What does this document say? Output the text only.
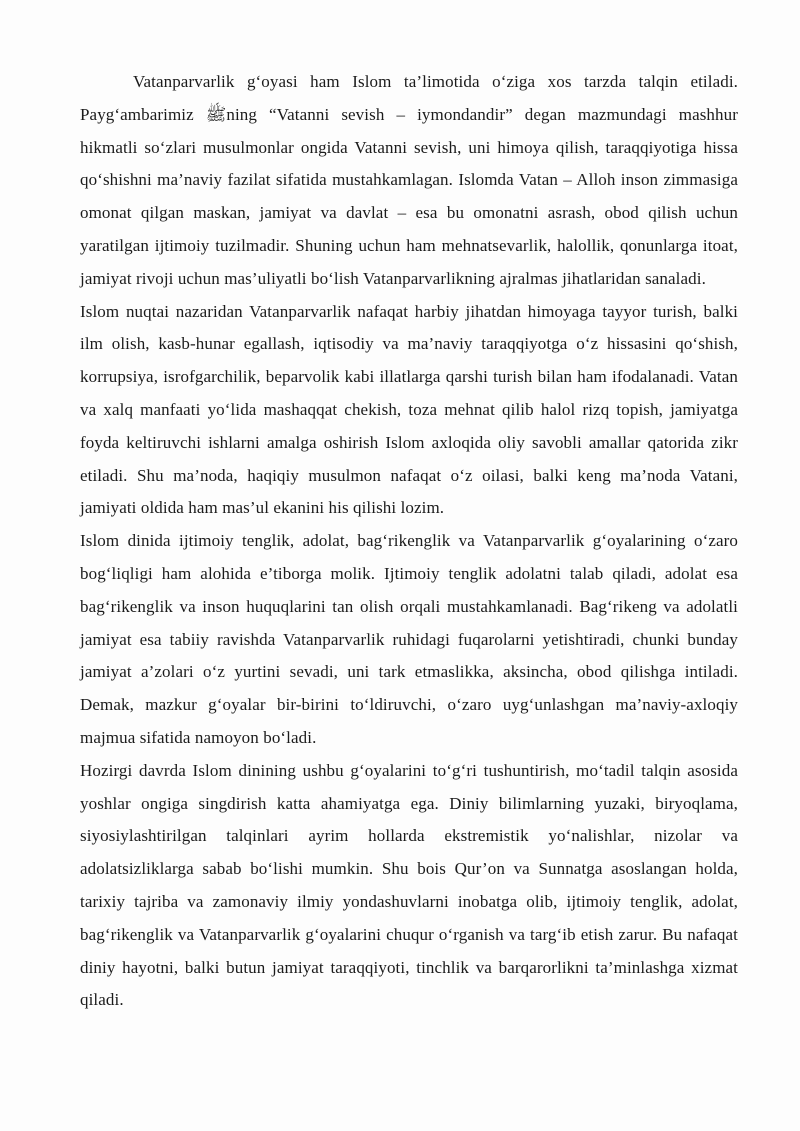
Vatanparvarlik g‘oyasi ham Islom ta’limotida o‘ziga xos tarzda talqin etiladi. Payg‘ambarimiz ﷺning “Vatanni sevish – iymondandir” degan mazmundagi mashhur hikmatli so‘zlari musulmonlar ongida Vatanni sevish, uni himoya qilish, taraqqiyotiga hissa qo‘shishni ma’naviy fazilat sifatida mustahkamlagan. Islomda Vatan – Alloh inson zimmasiga omonat qilgan maskan, jamiyat va davlat – esa bu omonatni asrash, obod qilish uchun yaratilgan ijtimoiy tuzilmadir. Shuning uchun ham mehnatsevarlik, halollik, qonunlarga itoat, jamiyat rivoji uchun mas’uliyatli bo‘lish Vatanparvarlikning ajralmas jihatlaridan sanaladi.

Islom nuqtai nazaridan Vatanparvarlik nafaqat harbiy jihatdan himoyaga tayyor turish, balki ilm olish, kasb-hunar egallash, iqtisodiy va ma’naviy taraqqiyotga o‘z hissasini qo‘shish, korrupsiya, isrofgarchilik, beparvolik kabi illatlarga qarshi turish bilan ham ifodalanadi. Vatan va xalq manfaati yo‘lida mashaqqat chekish, toza mehnat qilib halol rizq topish, jamiyatga foyda keltiruvchi ishlarni amalga oshirish Islom axloqida oliy savobli amallar qatorida zikr etiladi. Shu ma’noda, haqiqiy musulmon nafaqat o‘z oilasi, balki keng ma’noda Vatani, jamiyati oldida ham mas’ul ekanini his qilishi lozim.

Islom dinida ijtimoiy tenglik, adolat, bag‘rikenglik va Vatanparvarlik g‘oyalarining o‘zaro bog‘liqligi ham alohida e’tiborga molik. Ijtimoiy tenglik adolatni talab qiladi, adolat esa bag‘rikenglik va inson huquqlarini tan olish orqali mustahkamlanadi. Bag‘rikeng va adolatli jamiyat esa tabiiy ravishda Vatanparvarlik ruhidagi fuqarolarni yetishtiradi, chunki bunday jamiyat a’zolari o‘z yurtini sevadi, uni tark etmaslikka, aksincha, obod qilishga intiladi. Demak, mazkur g‘oyalar bir-birini to‘ldiruvchi, o‘zaro uyg‘unlashgan ma’naviy-axloqiy majmua sifatida namoyon bo‘ladi.

Hozirgi davrda Islom dinining ushbu g‘oyalarini to‘g‘ri tushuntirish, mo‘tadil talqin asosida yoshlar ongiga singdirish katta ahamiyatga ega. Diniy bilimlarning yuzaki, biryoqlama, siyosiylashtirilgan talqinlari ayrim hollarda ekstremistik yo‘nalishlar, nizolar va adolatsizliklarga sabab bo‘lishi mumkin. Shu bois Qur’on va Sunnatga asoslangan holda, tarixiy tajriba va zamonaviy ilmiy yondashuvlarni inobatga olib, ijtimoiy tenglik, adolat, bag‘rikenglik va Vatanparvarlik g‘oyalarini chuqur o‘rganish va targ‘ib etish zarur. Bu nafaqat diniy hayotni, balki butun jamiyat taraqqiyoti, tinchlik va barqarorlikni ta’minlashga xizmat qiladi.
